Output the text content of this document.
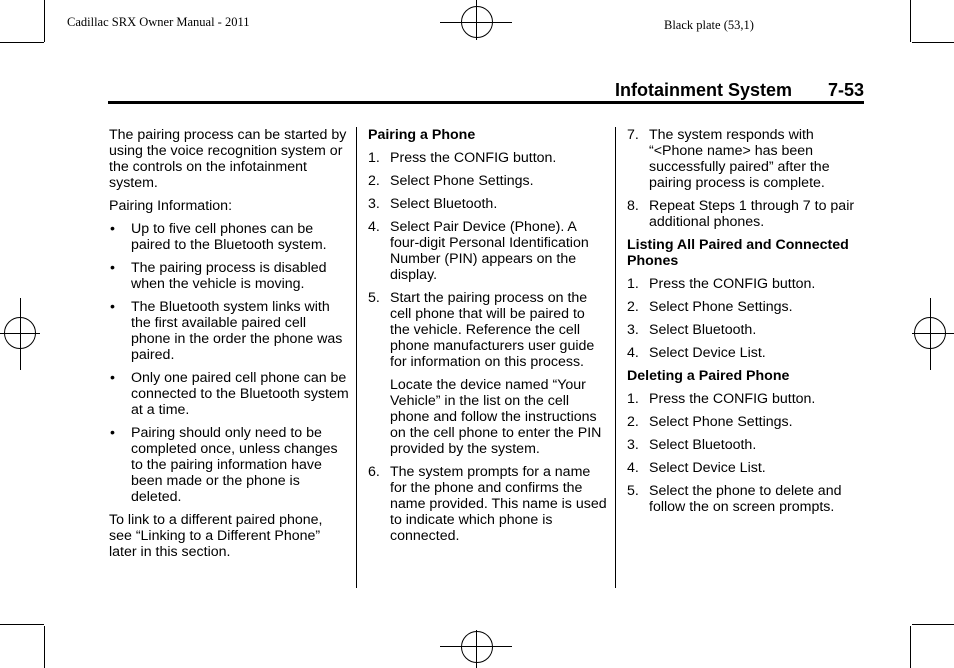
Cadillac SRX Owner Manual - 2011	Black plate (53,1)
Infotainment System 7-53

The pairing process can be started by using the voice recognition system or the controls on the infotainment system.

Pairing Information:

• Up to five cell phones can be paired to the Bluetooth system.
• The pairing process is disabled when the vehicle is moving.
• The Bluetooth system links with the first available paired cell phone in the order the phone was paired.
• Only one paired cell phone can be connected to the Bluetooth system at a time.
• Pairing should only need to be completed once, unless changes to the pairing information have been made or the phone is deleted.

To link to a different paired phone, see “Linking to a Different Phone” later in this section.

Pairing a Phone
1. Press the CONFIG button.
2. Select Phone Settings.
3. Select Bluetooth.
4. Select Pair Device (Phone). A four-digit Personal Identification Number (PIN) appears on the display.
5. Start the pairing process on the cell phone that will be paired to the vehicle. Reference the cell phone manufacturers user guide for information on this process.
Locate the device named “Your Vehicle” in the list on the cell phone and follow the instructions on the cell phone to enter the PIN provided by the system.
6. The system prompts for a name for the phone and confirms the name provided. This name is used to indicate which phone is connected.
7. The system responds with “<Phone name> has been successfully paired” after the pairing process is complete.
8. Repeat Steps 1 through 7 to pair additional phones.
Listing All Paired and Connected Phones
1. Press the CONFIG button.
2. Select Phone Settings.
3. Select Bluetooth.
4. Select Device List.
Deleting a Paired Phone
1. Press the CONFIG button.
2. Select Phone Settings.
3. Select Bluetooth.
4. Select Device List.
5. Select the phone to delete and follow the on screen prompts.
